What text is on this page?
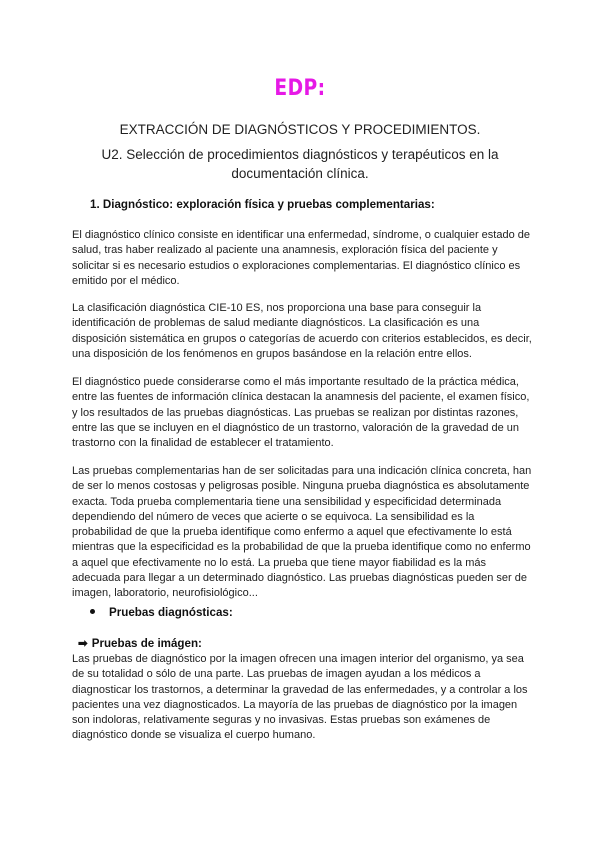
EDP:
EXTRACCIÓN DE DIAGNÓSTICOS Y PROCEDIMIENTOS.
U2. Selección de procedimientos diagnósticos y terapéuticos en la documentación clínica.
1. Diagnóstico: exploración física y pruebas complementarias:

El diagnóstico clínico consiste en identificar una enfermedad, síndrome, o cualquier estado de salud, tras haber realizado al paciente una anamnesis, exploración física del paciente y solicitar si es necesario estudios o exploraciones complementarias. El diagnóstico clínico es emitido por el médico.

La clasificación diagnóstica CIE-10 ES, nos proporciona una base para conseguir la identificación de problemas de salud mediante diagnósticos. La clasificación es una disposición sistemática en grupos o categorías de acuerdo con criterios establecidos, es decir, una disposición de los fenómenos en grupos basándose en la relación entre ellos.

El diagnóstico puede considerarse como el más importante resultado de la práctica médica, entre las fuentes de información clínica destacan la anamnesis del paciente, el examen físico, y los resultados de las pruebas diagnósticas. Las pruebas se realizan por distintas razones, entre las que se incluyen en el diagnóstico de un trastorno, valoración de la gravedad de un trastorno con la finalidad de establecer el tratamiento.

Las pruebas complementarias han de ser solicitadas para una indicación clínica concreta, han de ser lo menos costosas y peligrosas posible. Ninguna prueba diagnóstica es absolutamente exacta. Toda prueba complementaria tiene una sensibilidad y especificidad determinada dependiendo del número de veces que acierte o se equivoca. La sensibilidad es la probabilidad de que la prueba identifique como enfermo a aquel que efectivamente lo está mientras que la especificidad es la probabilidad de que la prueba identifique como no enfermo a aquel que efectivamente no lo está. La prueba que tiene mayor fiabilidad es la más adecuada para llegar a un determinado diagnóstico. Las pruebas diagnósticas pueden ser de imagen, laboratorio, neurofisiológico...

Pruebas diagnósticas:
➡ Pruebas de imágen:

Las pruebas de diagnóstico por la imagen ofrecen una imagen interior del organismo, ya sea de su totalidad o sólo de una parte. Las pruebas de imagen ayudan a los médicos a diagnosticar los trastornos, a determinar la gravedad de las enfermedades, y a controlar a los pacientes una vez diagnosticados. La mayoría de las pruebas de diagnóstico por la imagen son indoloras, relativamente seguras y no invasivas. Estas pruebas son exámenes de diagnóstico donde se visualiza el cuerpo humano.
